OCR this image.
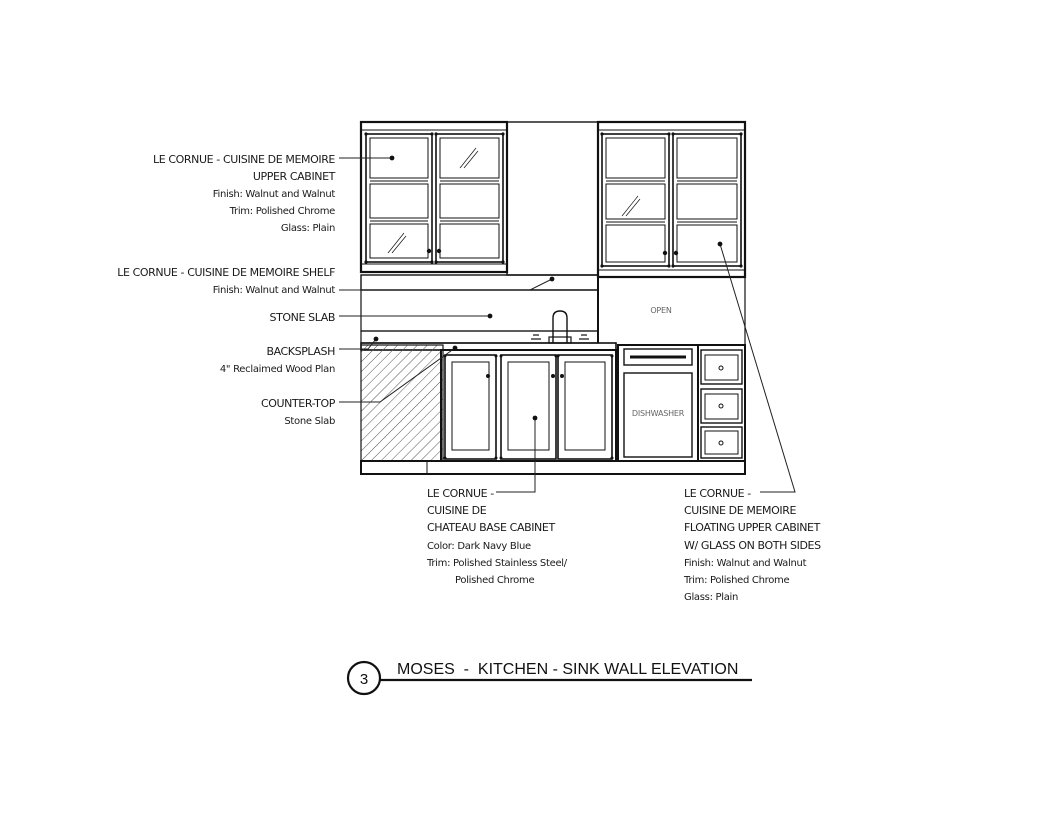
OPEN
DISHWASHER
LE CORNUE - CUISINE DE MEMOIRE
UPPER CABINET
Finish: Walnut and Walnut
Trim: Polished Chrome
Glass: Plain
LE CORNUE - CUISINE DE MEMOIRE SHELF
Finish: Walnut and Walnut
STONE SLAB
BACKSPLASH
4" Reclaimed Wood Plan
COUNTER-TOP
Stone Slab
LE CORNUE -
CUISINE DE
CHATEAU BASE CABINET
Color: Dark Navy Blue
Trim: Polished Stainless Steel/
Polished Chrome
LE CORNUE -
CUISINE DE MEMOIRE
FLOATING UPPER CABINET
W/ GLASS ON BOTH SIDES
Finish: Walnut and Walnut
Trim: Polished Chrome
Glass: Plain
3
MOSES  -  KITCHEN - SINK WALL ELEVATION
